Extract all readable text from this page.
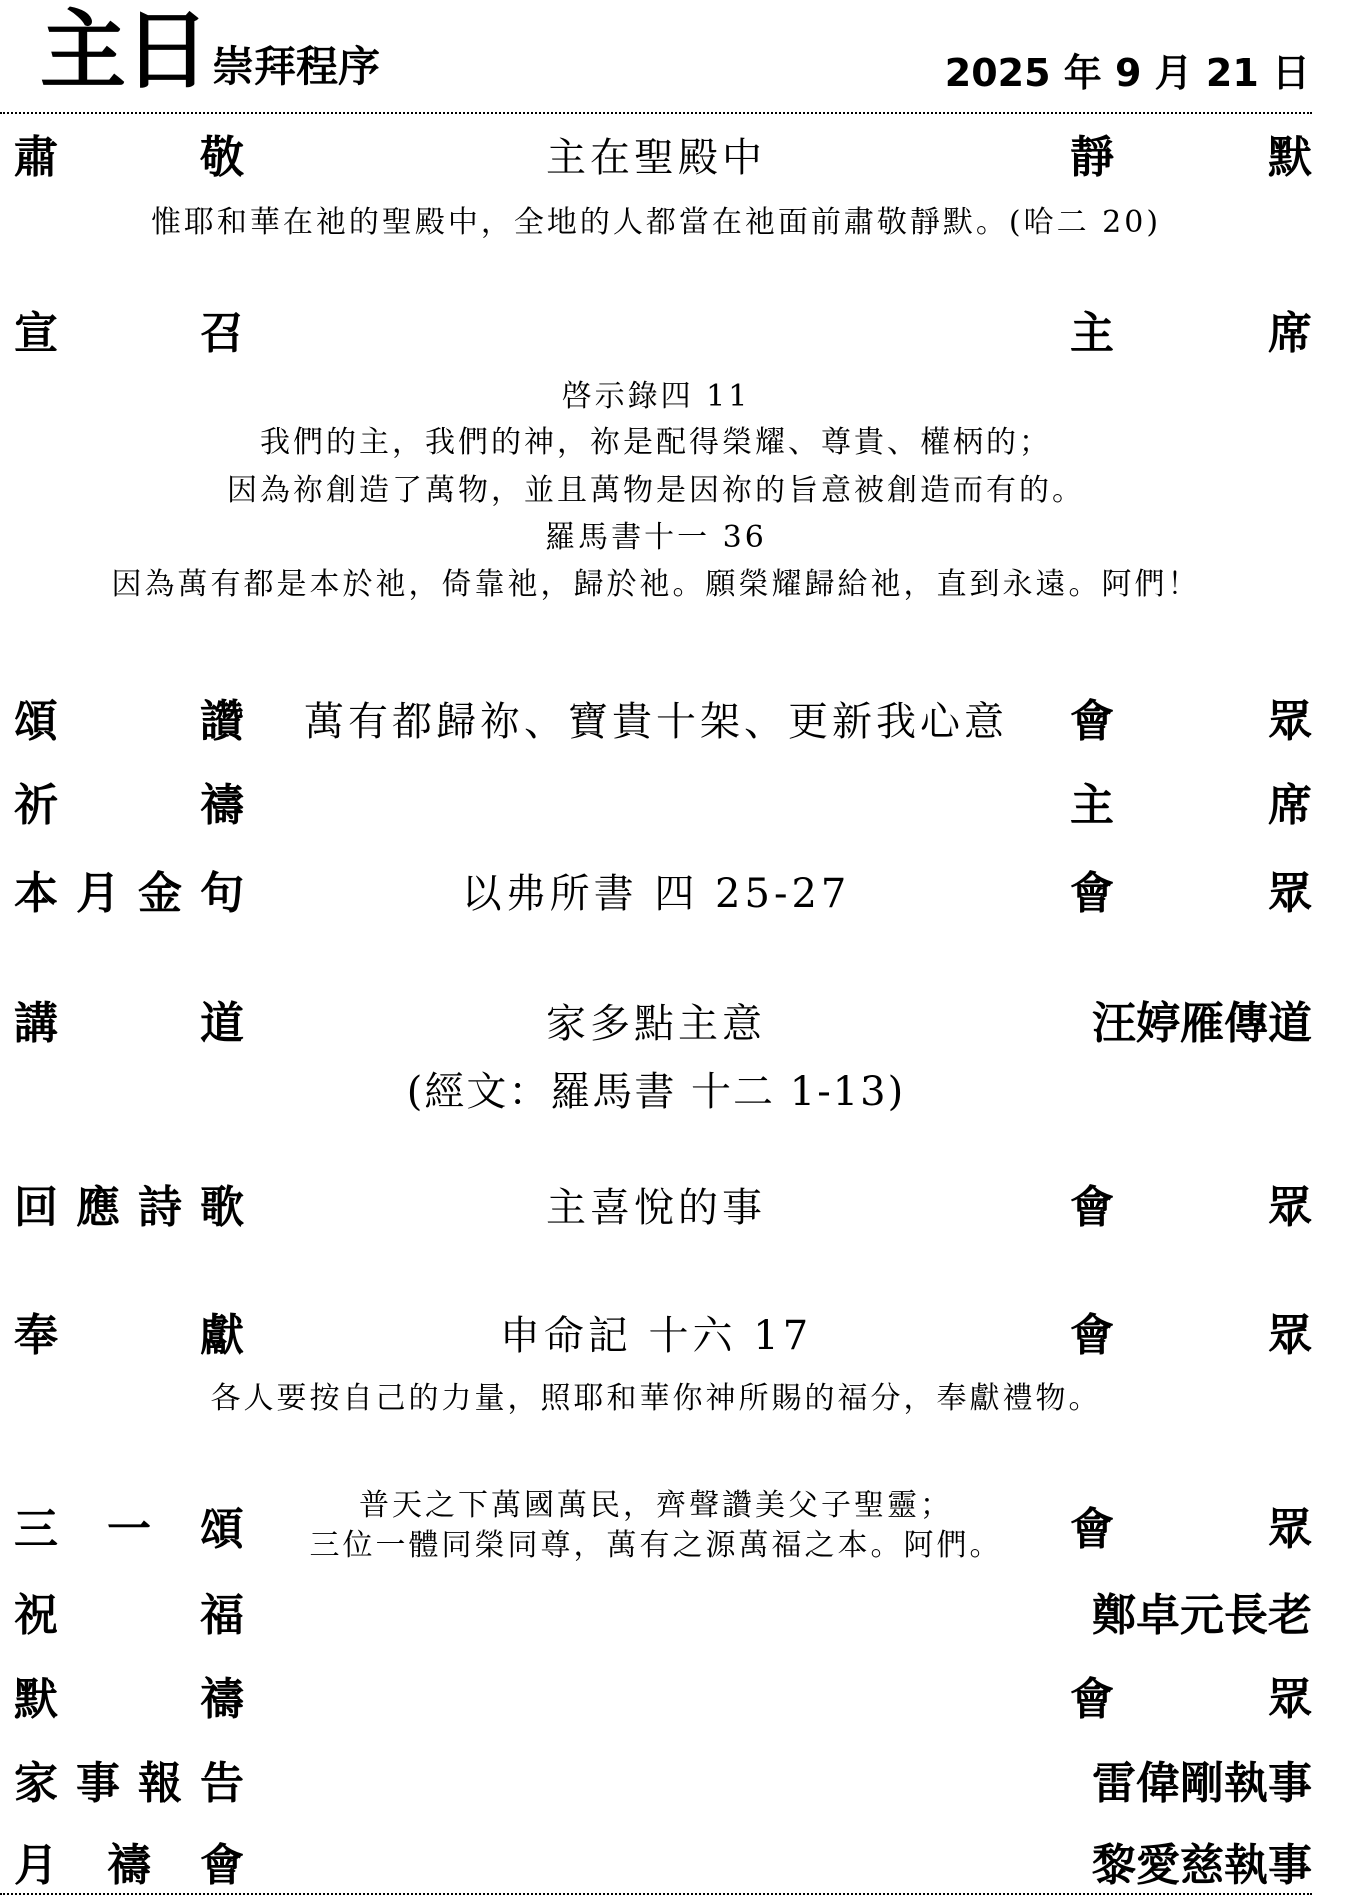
主日 崇拜程序	2025 年 9 月 21 日
肅	敬	主在聖殿中	靜	默
惟耶和華在祂的聖殿中，全地的人都當在祂面前肅敬靜默。(哈二 20)
宣	召	主	席
啓示錄四 11
我們的主，我們的神，祢是配得榮耀、尊貴、權柄的；
因為祢創造了萬物，並且萬物是因祢的旨意被創造而有的。
羅馬書十一 36
因為萬有都是本於祂，倚靠祂，歸於祂。願榮耀歸給祂，直到永遠。阿們！
頌	讚	萬有都歸祢、寶貴十架、更新我心意	會	眾
祈	禱	主	席
本 月 金 句	以弗所書 四 25-27	會	眾
講	道	家多點主意	汪婷雁傳道
(經文：羅馬書 十二 1-13)
回 應 詩 歌	主喜悅的事	會	眾
奉	獻	申命記 十六 17	會	眾
各人要按自己的力量，照耶和華你神所賜的福分，奉獻禮物。
三 一 頌	會	眾
普天之下萬國萬民，齊聲讚美父子聖靈；
三位一體同榮同尊，萬有之源萬福之本。阿們。
祝	福	鄭卓元長老
默	禱	會	眾
家 事 報 告	雷偉剛執事
月 禱 會	黎愛慈執事
